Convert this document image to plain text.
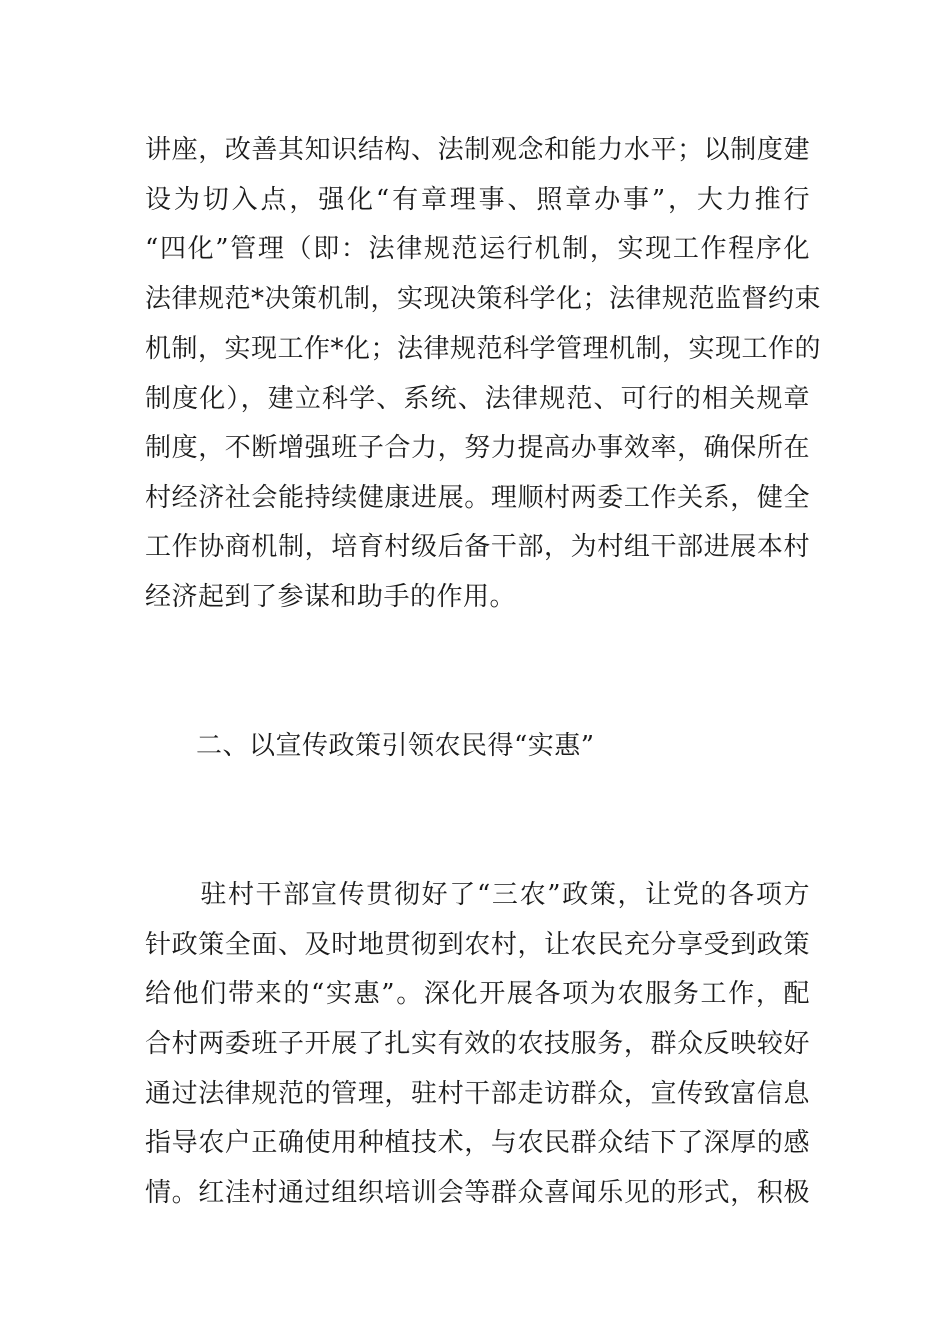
讲座，改善其知识结构、法制观念和能力水平；以制度建
设为切入点，强化“有章理事、照章办事”，大力推行
“四化”管理（即：法律规范运行机制，实现工作程序化
法律规范*决策机制，实现决策科学化；法律规范监督约束
机制，实现工作*化；法律规范科学管理机制，实现工作的
制度化），建立科学、系统、法律规范、可行的相关规章
制度，不断增强班子合力，努力提高办事效率，确保所在
村经济社会能持续健康进展。理顺村两委工作关系，健全
工作协商机制，培育村级后备干部，为村组干部进展本村
经济起到了参谋和助手的作用。
二、以宣传政策引领农民得“实惠”
　　驻村干部宣传贯彻好了“三农”政策，让党的各项方
针政策全面、及时地贯彻到农村，让农民充分享受到政策
给他们带来的“实惠”。深化开展各项为农服务工作，配
合村两委班子开展了扎实有效的农技服务，群众反映较好
通过法律规范的管理，驻村干部走访群众，宣传致富信息
指导农户正确使用种植技术，与农民群众结下了深厚的感
情。红洼村通过组织培训会等群众喜闻乐见的形式，积极
